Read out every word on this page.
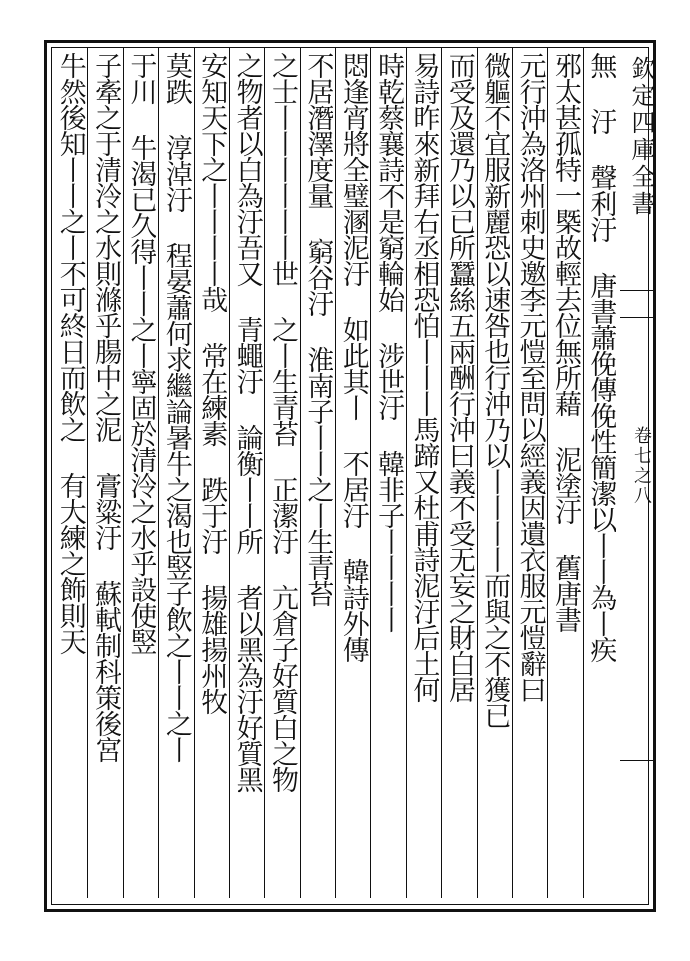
欽定四庫全書
卷七之八
無 汙 聲利汙 唐書蕭俛傳俛性簡潔以丨丨為丨疾
邪太甚孤特一槩故輕去位無所藉 泥塗汙 舊唐書
元行沖為洛州刺史邀李元愷至問以經義因遺衣服元愷辭曰
微軀不宜服新麗恐以速咎也行沖乃以丨丨丨丨而與之不獲已
而受及還乃以已所蠶絲五兩酬行沖曰義不受无妄之財白居
易詩昨來新拜右丞相恐怕丨丨丨馬蹄又杜甫詩泥汙后土何
時乾蔡襄詩不是窮輪始 涉世汙 韓非子丨丨丨丨
悶逢宵將全璧溷泥汙 如此其丨 不居汙 韓詩外傳
不居潛澤度量 窮谷汙 淮南子丨丨之丨生青苔
之士丨丨丨丨丨丨世 之丨生青苔 正潔汙 亢倉子好質白之物
之物者以白為汙吾又 青蠅汙 論衡丨丨所 者以黑為汙好質黑
安知天下之丨丨丨丨哉 常在練素 跌于汙 揚雄揚州牧
莫跌 淳淖汙 程晏蕭何求繼論暑牛之渴也竪子飲之丨丨之丨
于川 牛渴已久得丨丨之丨寧固於清泠之水乎設使竪
子牽之于清泠之水則滌乎腸中之泥 膏粱汙 蘇軾制科策後宮
牛然後知丨丨之丨不可終日而飲之 有大練之飾則天
